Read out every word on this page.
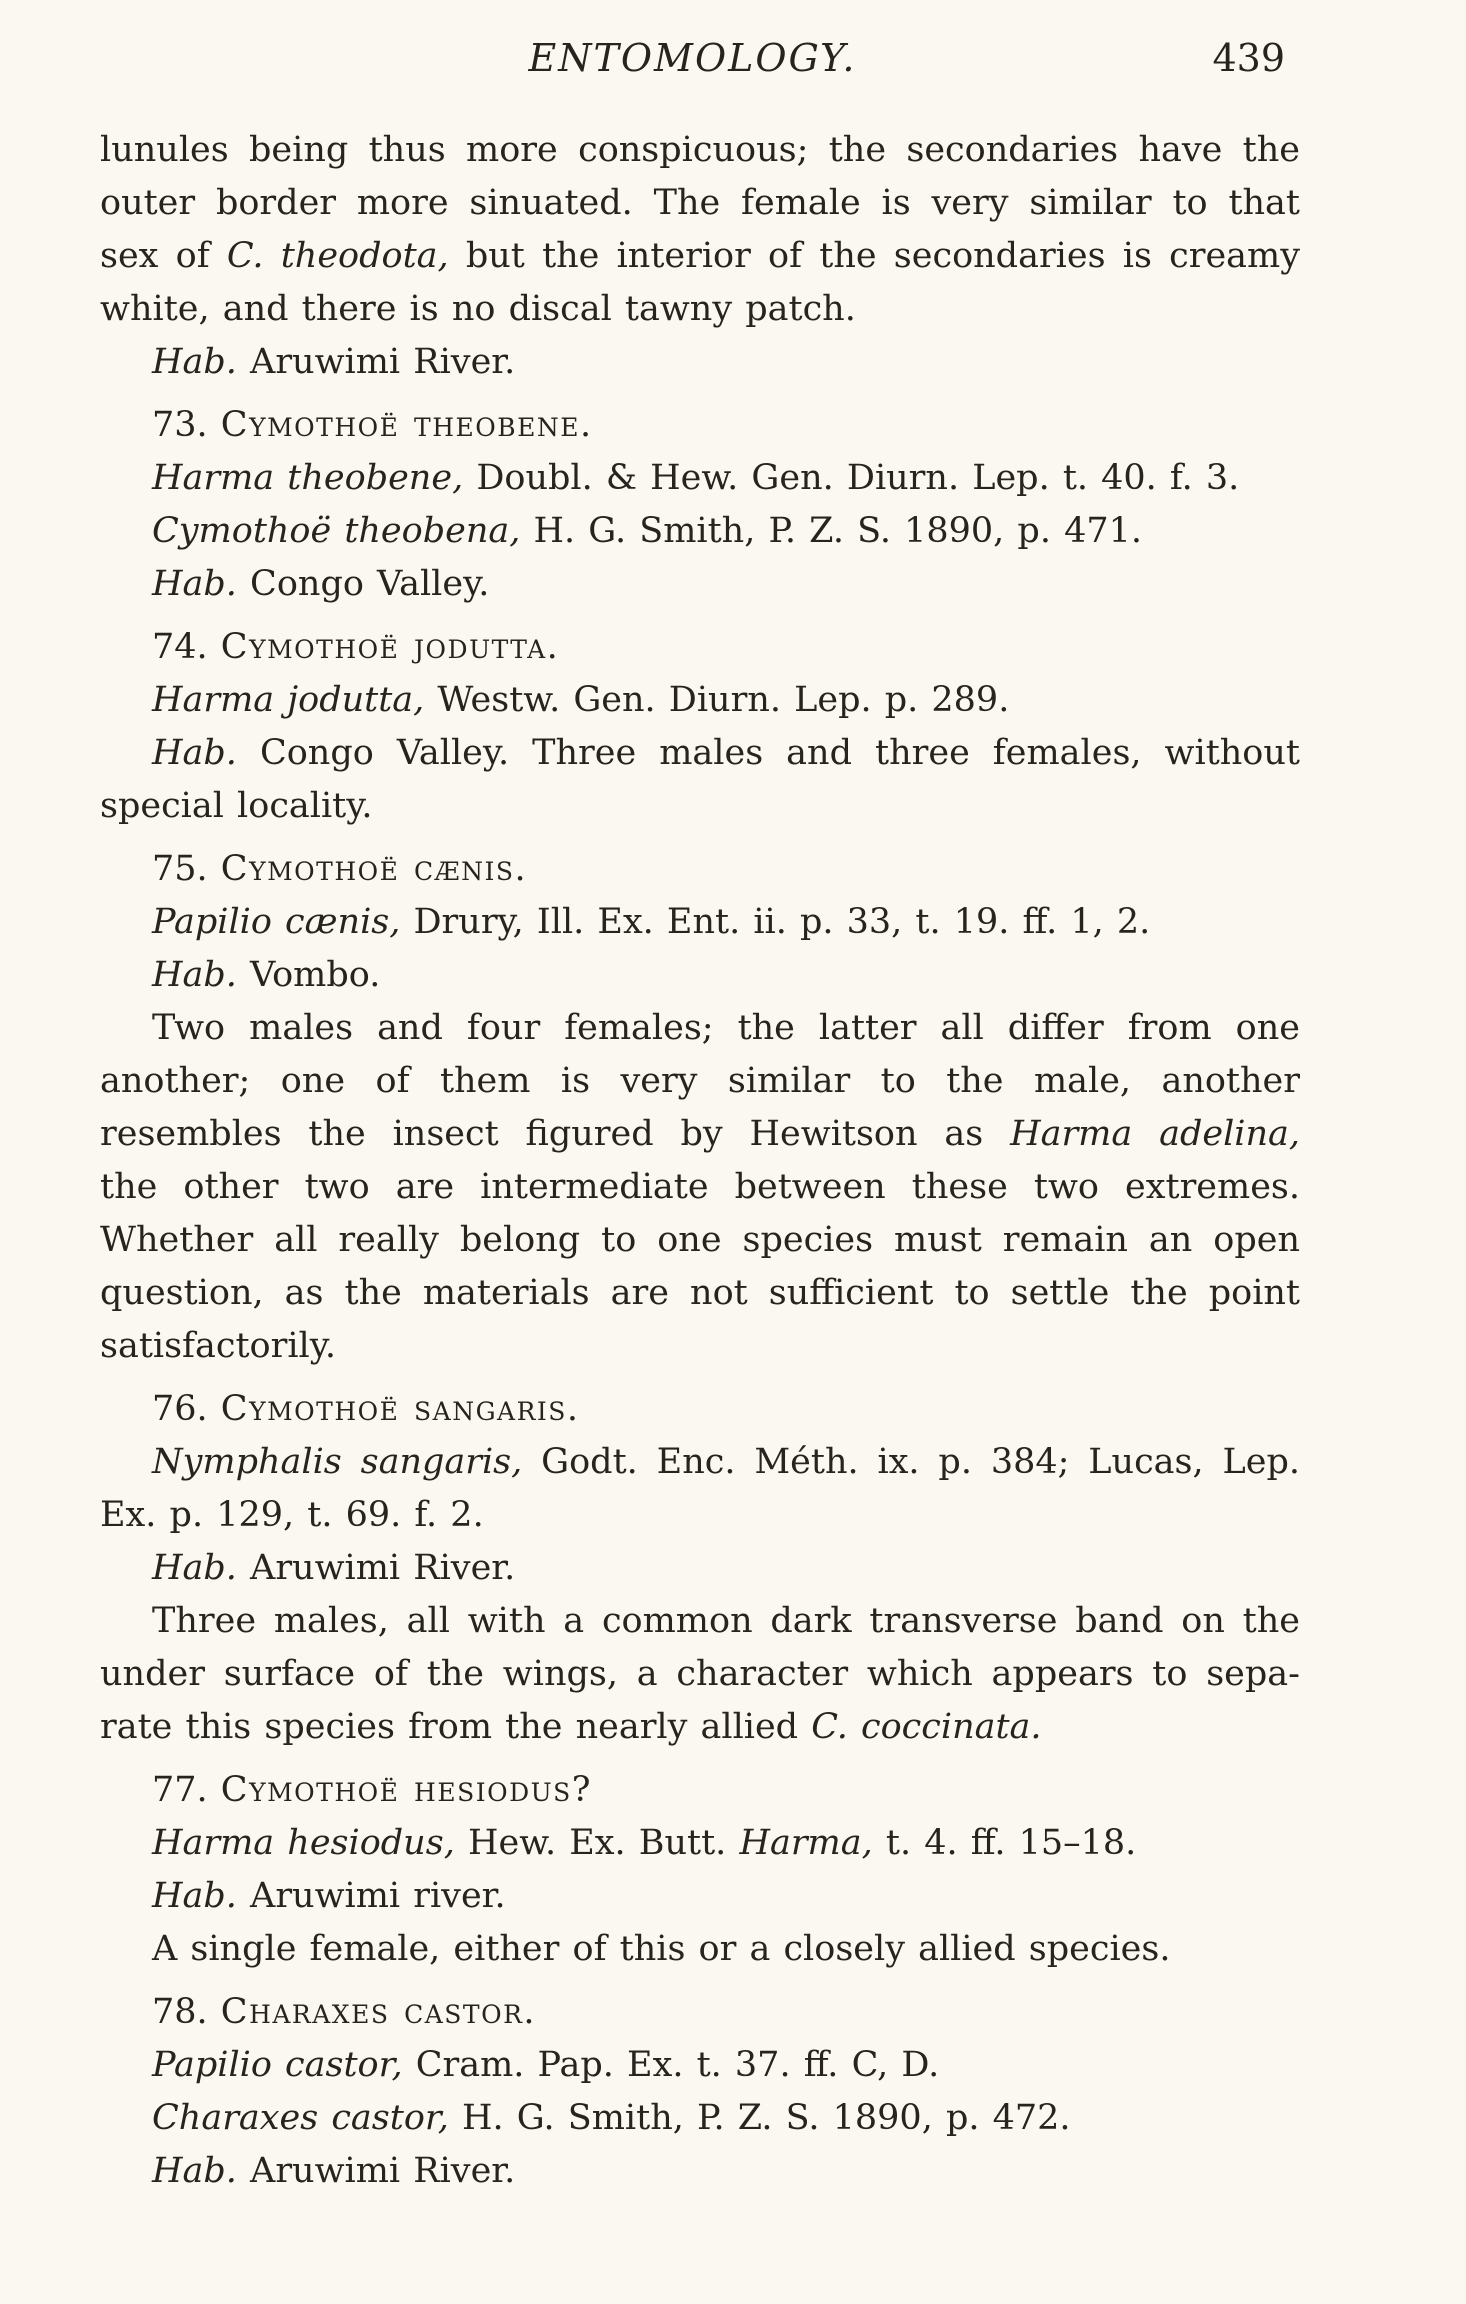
ENTOMOLOGY.	439
lunules being thus more conspicuous; the secondaries have the
outer border more sinuated. The female is very similar to that
sex of C. theodota, but the interior of the secondaries is creamy
white, and there is no discal tawny patch.
Hab. Aruwimi River.
73. Cymothoë theobene.
Harma theobene, Doubl. & Hew. Gen. Diurn. Lep. t. 40. f. 3.
Cymothoë theobena, H. G. Smith, P. Z. S. 1890, p. 471.
Hab. Congo Valley.
74. Cymothoë jodutta.
Harma jodutta, Westw. Gen. Diurn. Lep. p. 289.
Hab. Congo Valley. Three males and three females, without
special locality.
75. Cymothoë cænis.
Papilio cænis, Drury, Ill. Ex. Ent. ii. p. 33, t. 19. ff. 1, 2.
Hab. Vombo.
Two males and four females; the latter all differ from one
another; one of them is very similar to the male, another
resembles the insect figured by Hewitson as Harma adelina,
the other two are intermediate between these two extremes.
Whether all really belong to one species must remain an open
question, as the materials are not sufficient to settle the point
satisfactorily.
76. Cymothoë sangaris.
Nymphalis sangaris, Godt. Enc. Méth. ix. p. 384; Lucas, Lep.
Ex. p. 129, t. 69. f. 2.
Hab. Aruwimi River.
Three males, all with a common dark transverse band on the
under surface of the wings, a character which appears to sepa-
rate this species from the nearly allied C. coccinata.
77. Cymothoë hesiodus?
Harma hesiodus, Hew. Ex. Butt. Harma, t. 4. ff. 15–18.
Hab. Aruwimi river.
A single female, either of this or a closely allied species.
78. Charaxes castor.
Papilio castor, Cram. Pap. Ex. t. 37. ff. C, D.
Charaxes castor, H. G. Smith, P. Z. S. 1890, p. 472.
Hab. Aruwimi River.
